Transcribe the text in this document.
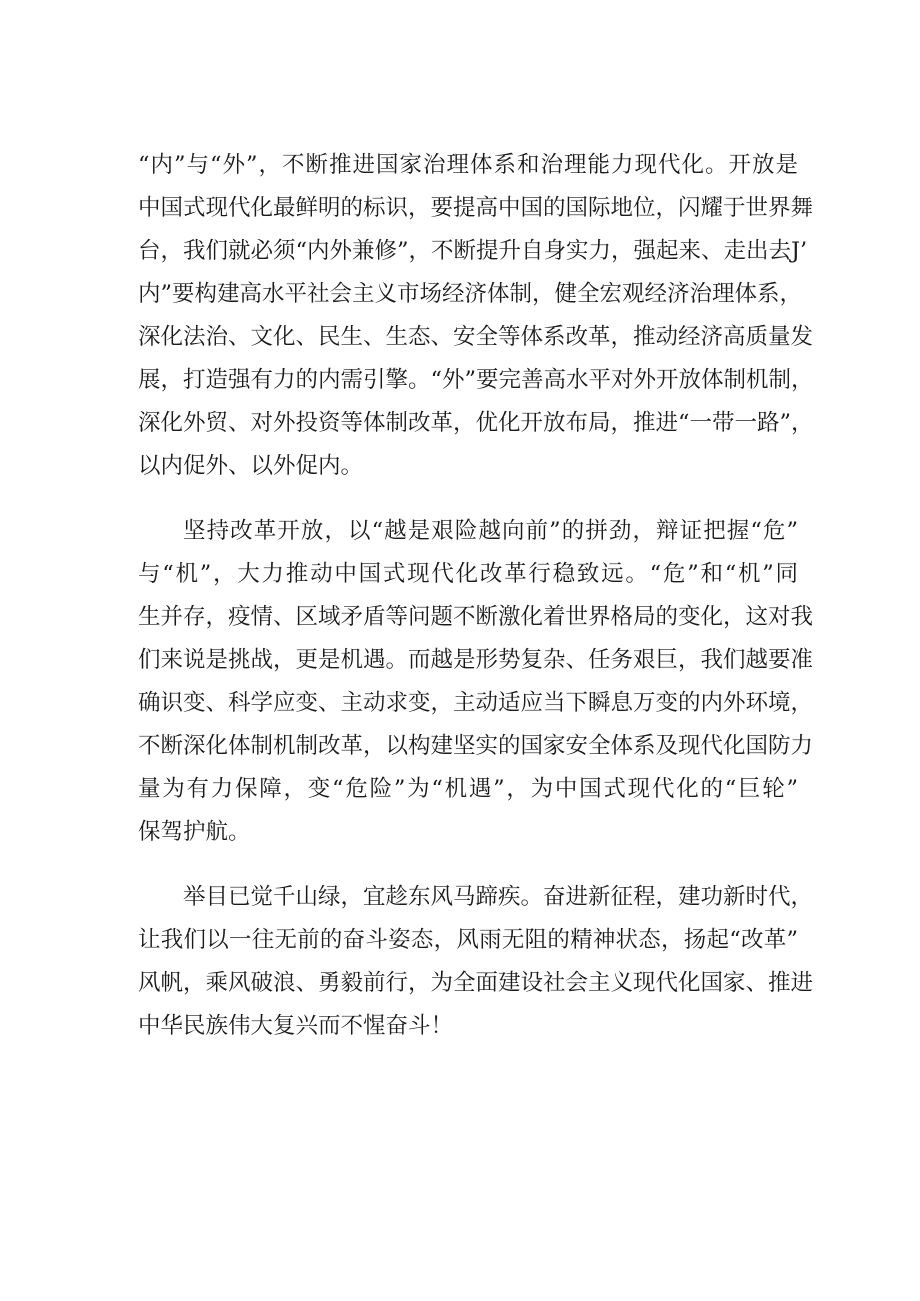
“内”与“外”，不断推进国家治理体系和治理能力现代化。开放是
中国式现代化最鲜明的标识，要提高中国的国际地位，闪耀于世界舞
台，我们就必须“内外兼修”，不断提升自身实力，强起来、走出去J’
内”要构建高水平社会主义市场经济体制，健全宏观经济治理体系，
深化法治、文化、民生、生态、安全等体系改革，推动经济高质量发
展，打造强有力的内需引擎。“外”要完善高水平对外开放体制机制，
深化外贸、对外投资等体制改革，优化开放布局，推进“一带一路”，
以内促外、以外促内。
坚持改革开放，以“越是艰险越向前”的拼劲，辩证把握“危”
与“机”，大力推动中国式现代化改革行稳致远。“危”和“机”同
生并存，疫情、区域矛盾等问题不断激化着世界格局的变化，这对我
们来说是挑战，更是机遇。而越是形势复杂、任务艰巨，我们越要准
确识变、科学应变、主动求变，主动适应当下瞬息万变的内外环境，
不断深化体制机制改革，以构建坚实的国家安全体系及现代化国防力
量为有力保障，变“危险”为“机遇”，为中国式现代化的“巨轮”
保驾护航。
举目已觉千山绿，宜趁东风马蹄疾。奋进新征程，建功新时代，
让我们以一往无前的奋斗姿态，风雨无阻的精神状态，扬起“改革”
风帆，乘风破浪、勇毅前行，为全面建设社会主义现代化国家、推进
中华民族伟大复兴而不惺奋斗！
